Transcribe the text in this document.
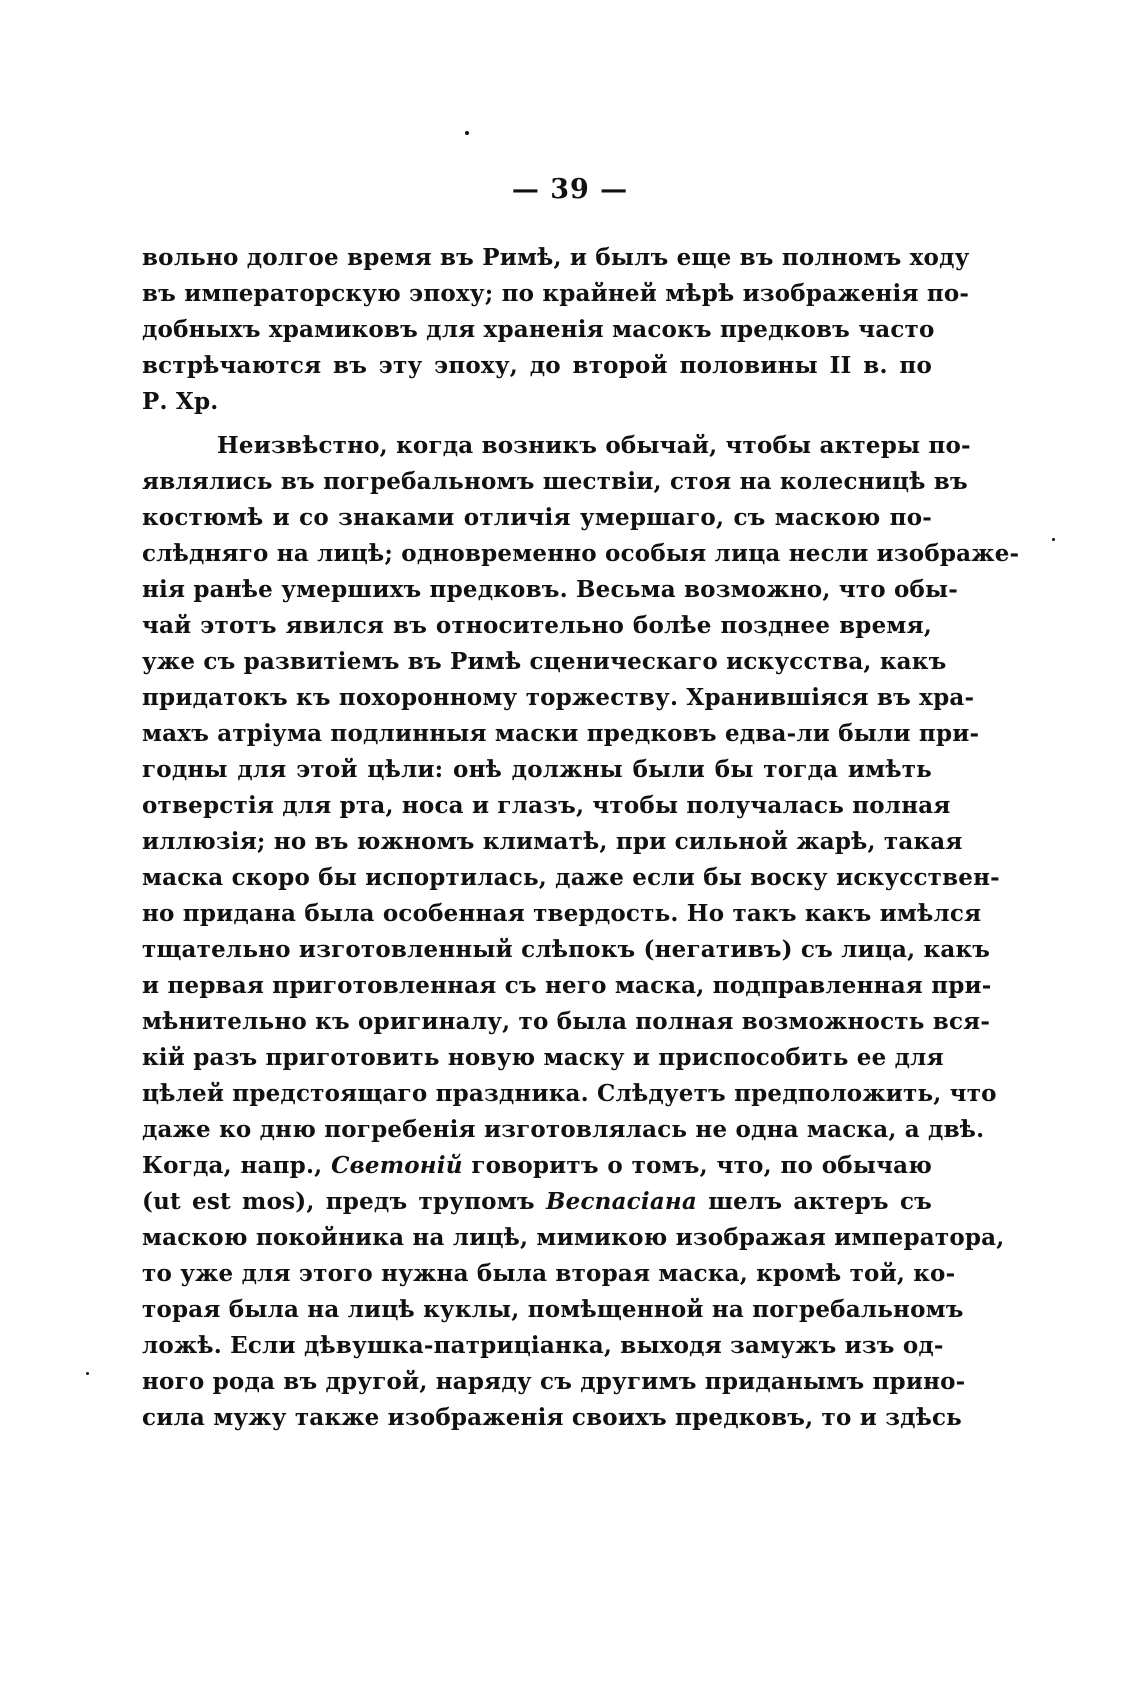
— 39 —
вольно долгое время въ Римѣ, и былъ еще въ полномъ ходу
въ императорскую эпоху; по крайней мѣрѣ изображенія по-
добныхъ храмиковъ для храненія масокъ предковъ часто
встрѣчаются въ эту эпоху, до второй половины II в. по
Р. Хр.
Неизвѣстно, когда возникъ обычай, чтобы актеры по-
являлись въ погребальномъ шествіи, стоя на колесницѣ въ
костюмѣ и со знаками отличія умершаго, съ маскою по-
слѣдняго на лицѣ; одновременно особыя лица несли изображе-
нія ранѣе умершихъ предковъ. Весьма возможно, что обы-
чай этотъ явился въ относительно болѣе позднее время,
уже съ развитіемъ въ Римѣ сценическаго искусства, какъ
придатокъ къ похоронному торжеству. Хранившіяся въ хра-
махъ атріума подлинныя маски предковъ едва-ли были при-
годны для этой цѣли: онѣ должны были бы тогда имѣть
отверстія для рта, носа и глазъ, чтобы получалась полная
иллюзія; но въ южномъ климатѣ, при сильной жарѣ, такая
маска скоро бы испортилась, даже если бы воску искусствен-
но придана была особенная твердость. Но такъ какъ имѣлся
тщательно изготовленный слѣпокъ (негативъ) съ лица, какъ
и первая приготовленная съ него маска, подправленная при-
мѣнительно къ оригиналу, то была полная возможность вся-
кій разъ приготовить новую маску и приспособить ее для
цѣлей предстоящаго праздника. Слѣдуетъ предположить, что
даже ко дню погребенія изготовлялась не одна маска, а двѣ.
Когда, напр., Светоній говоритъ о томъ, что, по обычаю
(ut est mos), предъ трупомъ Веспасіана шелъ актеръ съ
маскою покойника на лицѣ, мимикою изображая императора,
то уже для этого нужна была вторая маска, кромѣ той, ко-
торая была на лицѣ куклы, помѣщенной на погребальномъ
ложѣ. Если дѣвушка-патриціанка, выходя замужъ изъ од-
ного рода въ другой, наряду съ другимъ приданымъ прино-
сила мужу также изображенія своихъ предковъ, то и здѣсь
